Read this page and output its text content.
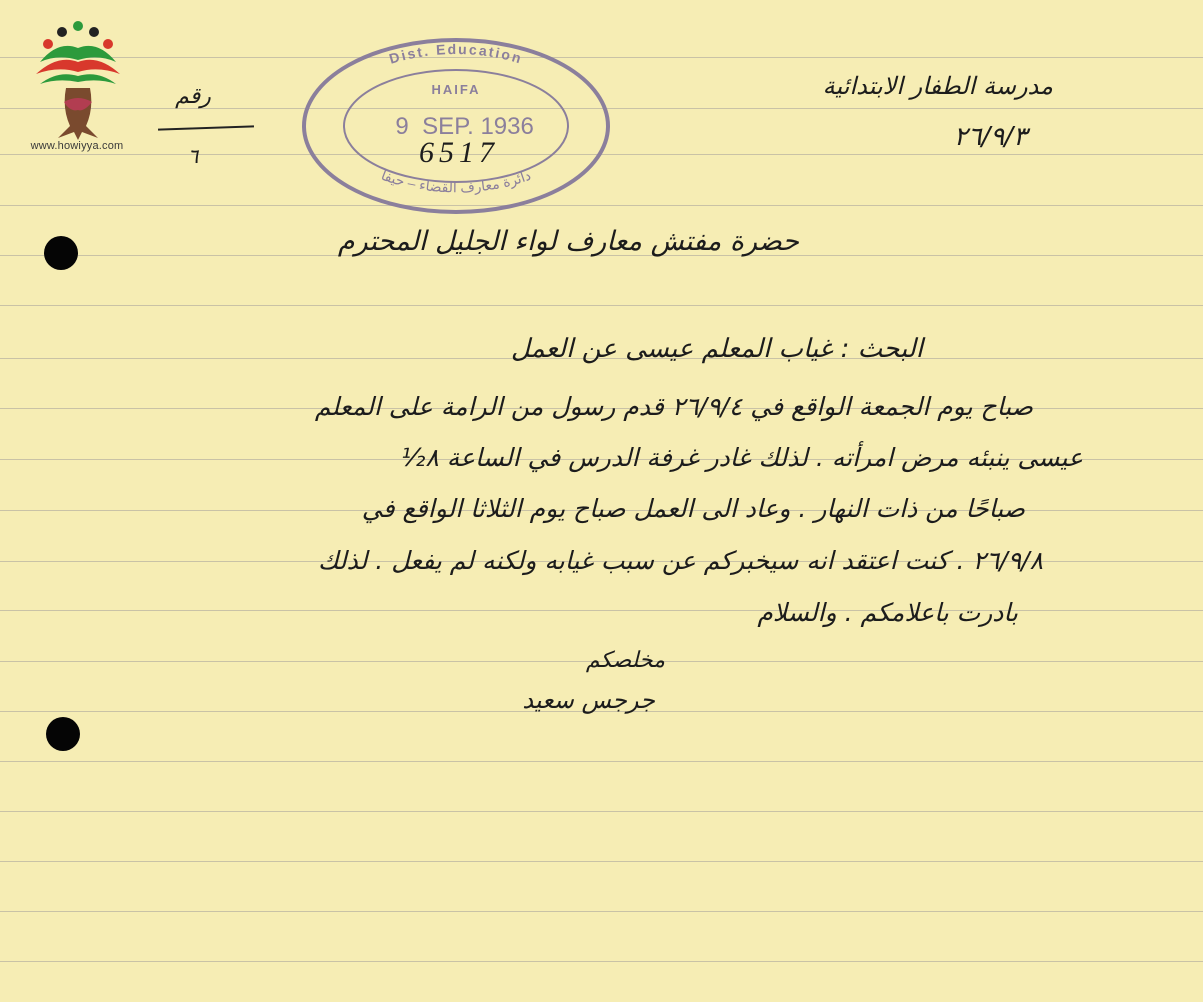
www.howiyya.com
Dist. Education
دائرة معارف القضاء – حيفا
HAIFA
9 SEP. 1936
6517
رقم
٦
مدرسة الطفار الابتدائية
٢٦/٩/٣
حضرة مفتش معارف لواء الجليل المحترم
البحث : غياب المعلم عيسى عن العمل
صباح يوم الجمعة الواقع في ٢٦/٩/٤ قدم رسول من الرامة على المعلم
عيسى ينبئه مرض امرأته . لذلك غادر غرفة الدرس في الساعة ٨½
صباحًا من ذات النهار . وعاد الى العمل صباح يوم الثلاثا الواقع في
٢٦/٩/٨ . كنت اعتقد انه سيخبركم عن سبب غيابه ولكنه لم يفعل . لذلك
بادرت باعلامكم . والسلام
مخلصكم
جرجس سعيد
